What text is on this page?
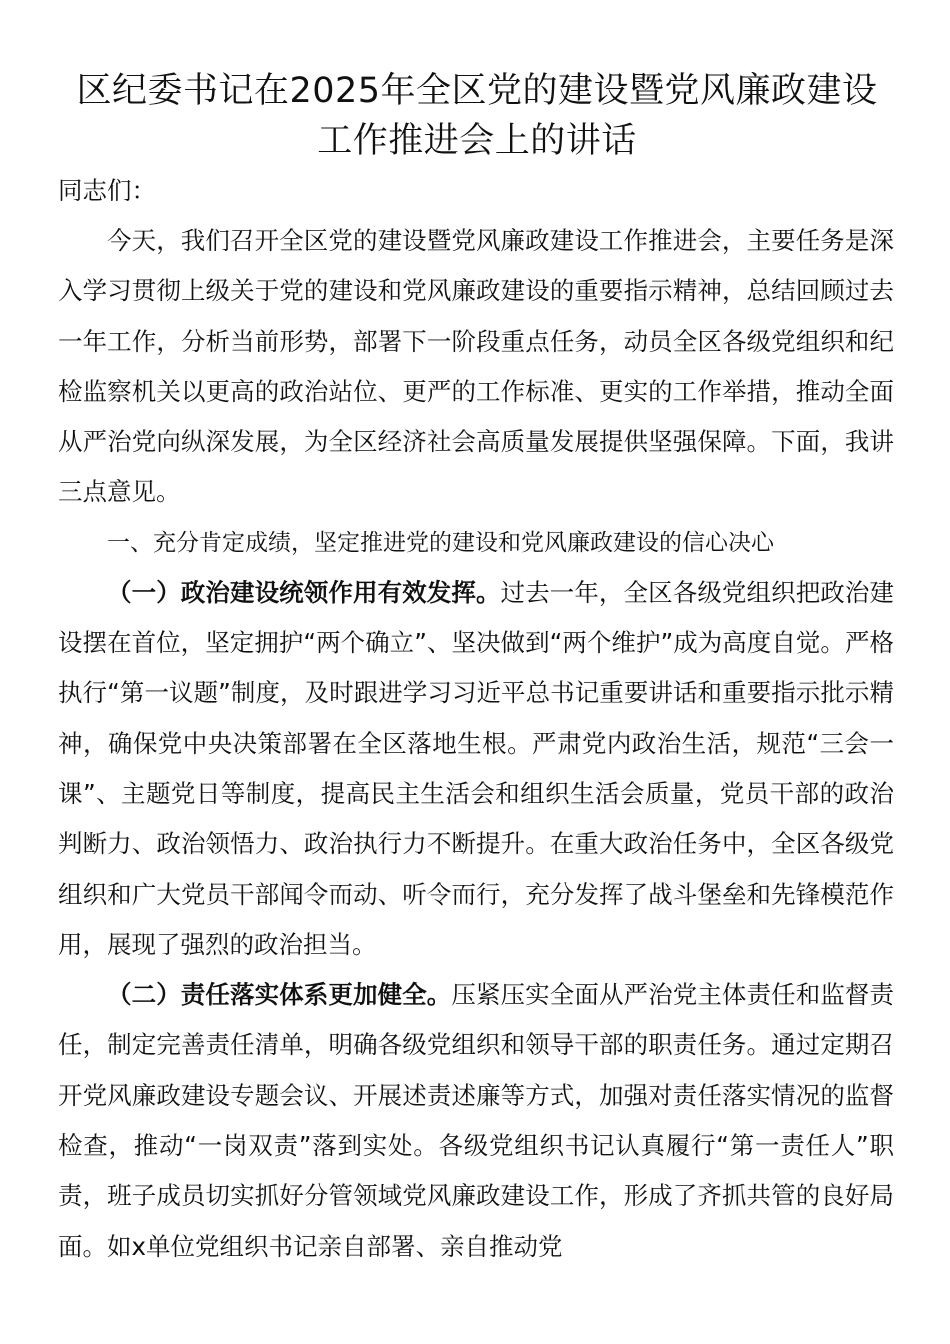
区纪委书记在2025年全区党的建设暨党风廉政建设
工作推进会上的讲话

同志们：

今天，我们召开全区党的建设暨党风廉政建设工作推进会，主要任务是深入学习贯彻上级关于党的建设和党风廉政建设的重要指示精神，总结回顾过去一年工作，分析当前形势，部署下一阶段重点任务，动员全区各级党组织和纪检监察机关以更高的政治站位、更严的工作标准、更实的工作举措，推动全面从严治党向纵深发展，为全区经济社会高质量发展提供坚强保障。下面，我讲三点意见。

一、充分肯定成绩，坚定推进党的建设和党风廉政建设的信心决心

（一）政治建设统领作用有效发挥。过去一年，全区各级党组织把政治建设摆在首位，坚定拥护“两个确立”、坚决做到“两个维护”成为高度自觉。严格执行“第一议题”制度，及时跟进学习习近平总书记重要讲话和重要指示批示精神，确保党中央决策部署在全区落地生根。严肃党内政治生活，规范“三会一课”、主题党日等制度，提高民主生活会和组织生活会质量，党员干部的政治判断力、政治领悟力、政治执行力不断提升。在重大政治任务中，全区各级党组织和广大党员干部闻令而动、听令而行，充分发挥了战斗堡垒和先锋模范作用，展现了强烈的政治担当。

（二）责任落实体系更加健全。压紧压实全面从严治党主体责任和监督责任，制定完善责任清单，明确各级党组织和领导干部的职责任务。通过定期召开党风廉政建设专题会议、开展述责述廉等方式，加强对责任落实情况的监督检查，推动“一岗双责”落到实处。各级党组织书记认真履行“第一责任人”职责，班子成员切实抓好分管领域党风廉政建设工作，形成了齐抓共管的良好局面。如x单位党组织书记亲自部署、亲自推动党
